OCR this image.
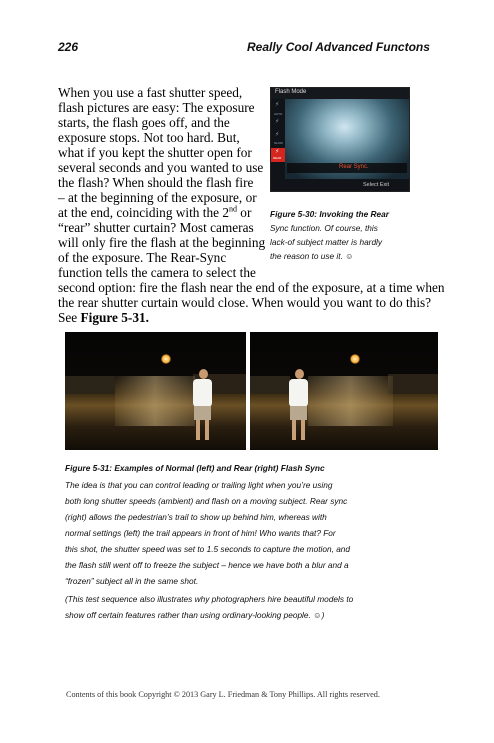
226	Really Cool Advanced Functons
When you use a fast shutter speed,
flash pictures are easy: The exposure
starts, the flash goes off, and the
exposure stops. Not too hard. But,
what if you kept the shutter open for
several seconds and you wanted to use
the flash? When should the flash fire
– at the beginning of the exposure, or
at the end, coinciding with the 2nd or
“rear” shutter curtain? Most cameras
will only fire the flash at the beginning
of the exposure. The Rear-Sync
function tells the camera to select the
second option: fire the flash near the end of the exposure, at a time when
the rear shutter curtain would close. When would you want to do this?
See Figure 5-31.
Flash Mode
⚡
AUTO
⚡
⚡
SLOW
⚡
REAR
Rear Sync.
Select Exit
Figure 5-30: Invoking the Rear
Sync function. Of course, this
lack-of subject matter is hardly
the reason to use it. ☺
Figure 5-31: Examples of Normal (left) and Rear (right) Flash Sync
The idea is that you can control leading or trailing light when you’re using
both long shutter speeds (ambient) and flash on a moving subject. Rear sync
(right) allows the pedestrian’s trail to show up behind him, whereas with
normal settings (left) the trail appears in front of him! Who wants that? For
this shot, the shutter speed was set to 1.5 seconds to capture the motion, and
the flash still went off to freeze the subject – hence we have both a blur and a
“frozen” subject all in the same shot.
(This test sequence also illustrates why photographers hire beautiful models to
show off certain features rather than using ordinary-looking people. ☺)
Contents of this book Copyright © 2013 Gary L. Friedman & Tony Phillips. All rights reserved.
